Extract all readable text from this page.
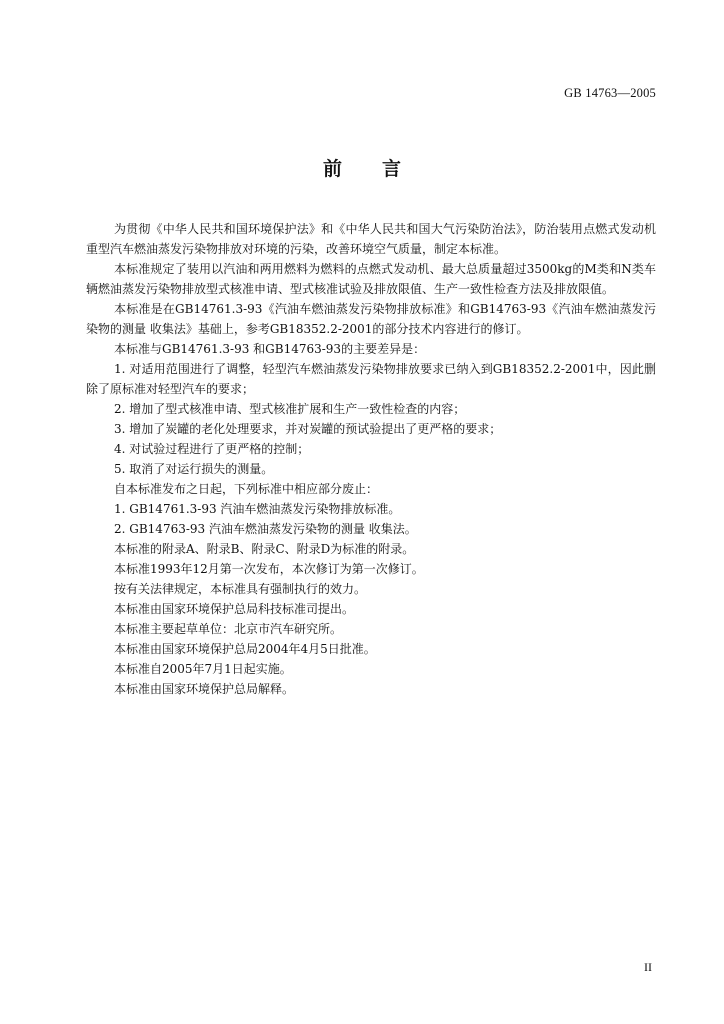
GB 14763—2005
前 言

为贯彻《中华人民共和国环境保护法》和《中华人民共和国大气污染防治法》，防治装用点燃式发动机重型汽车燃油蒸发污染物排放对环境的污染，改善环境空气质量，制定本标准。

本标准规定了装用以汽油和两用燃料为燃料的点燃式发动机、最大总质量超过3500kg的M类和N类车辆燃油蒸发污染物排放型式核准申请、型式核准试验及排放限值、生产一致性检查方法及排放限值。

本标准是在GB14761.3-93《汽油车燃油蒸发污染物排放标准》和GB14763-93《汽油车燃油蒸发污染物的测量 收集法》基础上，参考GB18352.2-2001的部分技术内容进行的修订。

本标准与GB14761.3-93 和GB14763-93的主要差异是：

1. 对适用范围进行了调整，轻型汽车燃油蒸发污染物排放要求已纳入到GB18352.2-2001中，因此删除了原标准对轻型汽车的要求；

2. 增加了型式核准申请、型式核准扩展和生产一致性检查的内容；

3. 增加了炭罐的老化处理要求，并对炭罐的预试验提出了更严格的要求；

4. 对试验过程进行了更严格的控制；

5. 取消了对运行损失的测量。

自本标准发布之日起，下列标准中相应部分废止：

1. GB14761.3-93 汽油车燃油蒸发污染物排放标准。

2. GB14763-93 汽油车燃油蒸发污染物的测量 收集法。

本标准的附录A、附录B、附录C、附录D为标准的附录。

本标准1993年12月第一次发布，本次修订为第一次修订。

按有关法律规定，本标准具有强制执行的效力。

本标准由国家环境保护总局科技标准司提出。

本标准主要起草单位：北京市汽车研究所。

本标准由国家环境保护总局2004年4月5日批准。

本标准自2005年7月1日起实施。

本标准由国家环境保护总局解释。

II
